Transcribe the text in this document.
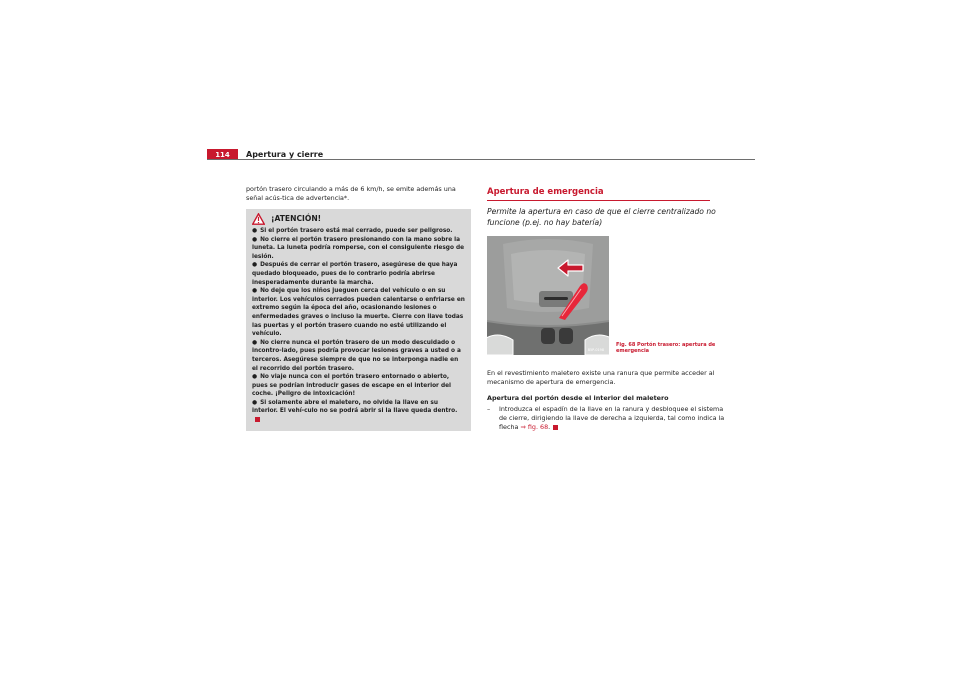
114 Apertura y cierre

portón trasero circulando a más de 6 km/h, se emite además una señal acús-tica de advertencia*.

¡ATENCIÓN!

● Si el portón trasero está mal cerrado, puede ser peligroso.

● No cierre el portón trasero presionando con la mano sobre la luneta. La luneta podría romperse, con el consiguiente riesgo de lesión.

● Después de cerrar el portón trasero, asegúrese de que haya quedado bloqueado, pues de lo contrario podría abrirse inesperadamente durante la marcha.

● No deje que los niños jueguen cerca del vehículo o en su interior. Los vehículos cerrados pueden calentarse o enfriarse en extremo según la época del año, ocasionando lesiones o enfermedades graves o incluso la muerte. Cierre con llave todas las puertas y el portón trasero cuando no esté utilizando el vehículo.

● No cierre nunca el portón trasero de un modo descuidado o incontro-lado, pues podría provocar lesiones graves a usted o a terceros. Asegúrese siempre de que no se interponga nadie en el recorrido del portón trasero.

● No viaje nunca con el portón trasero entornado o abierto, pues se podrían introducir gases de escape en el interior del coche. ¡Peligro de intoxicación!

● Si solamente abre el maletero, no olvide la llave en su interior. El vehí-culo no se podrá abrir si la llave queda dentro.

Apertura de emergencia
Permite la apertura en caso de que el cierre centralizado no funcione (p.ej. no hay batería)
B5P-0198
Fig. 68 Portón trasero: apertura de emergencia

En el revestimiento maletero existe una ranura que permite acceder al mecanismo de apertura de emergencia.

Apertura del portón desde el interior del maletero

–	Introduzca el espadín de la llave en la ranura y desbloquee el sistema de cierre, dirigiendo la llave de derecha a izquierda, tal como indica la flecha ⇒ fig. 68.
